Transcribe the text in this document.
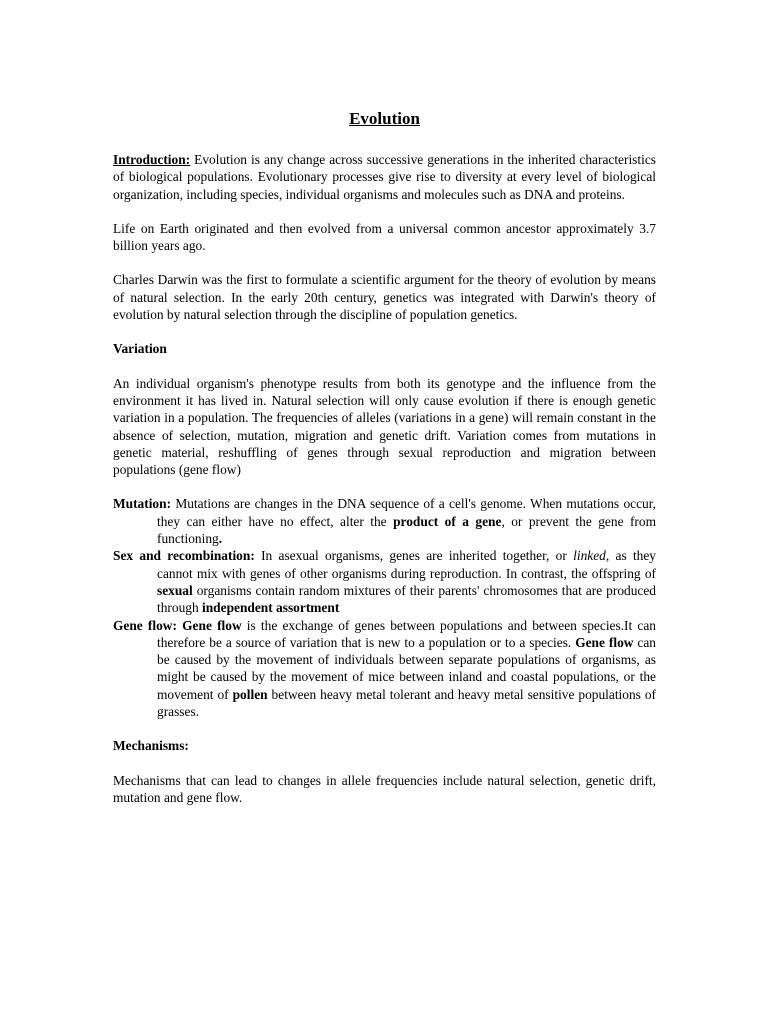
Evolution

Introduction: Evolution is any change across successive generations in the inherited characteristics of biological populations. Evolutionary processes give rise to diversity at every level of biological organization, including species, individual organisms and molecules such as DNA and proteins.

Life on Earth originated and then evolved from a universal common ancestor approximately 3.7 billion years ago.

Charles Darwin was the first to formulate a scientific argument for the theory of evolution by means of natural selection. In the early 20th century, genetics was integrated with Darwin's theory of evolution by natural selection through the discipline of population genetics.

Variation

An individual organism's phenotype results from both its genotype and the influence from the environment it has lived in. Natural selection will only cause evolution if there is enough genetic variation in a population. The frequencies of alleles (variations in a gene) will remain constant in the absence of selection, mutation, migration and genetic drift. Variation comes from mutations in genetic material, reshuffling of genes through sexual reproduction and migration between populations (gene flow)

Mutation: Mutations are changes in the DNA sequence of a cell's genome. When mutations occur, they can either have no effect, alter the product of a gene, or prevent the gene from functioning.

Sex and recombination: In asexual organisms, genes are inherited together, or linked, as they cannot mix with genes of other organisms during reproduction. In contrast, the offspring of sexual organisms contain random mixtures of their parents' chromosomes that are produced through independent assortment

Gene flow: Gene flow is the exchange of genes between populations and between species.It can therefore be a source of variation that is new to a population or to a species. Gene flow can be caused by the movement of individuals between separate populations of organisms, as might be caused by the movement of mice between inland and coastal populations, or the movement of pollen between heavy metal tolerant and heavy metal sensitive populations of grasses.

Mechanisms:

Mechanisms that can lead to changes in allele frequencies include natural selection, genetic drift, mutation and gene flow.
